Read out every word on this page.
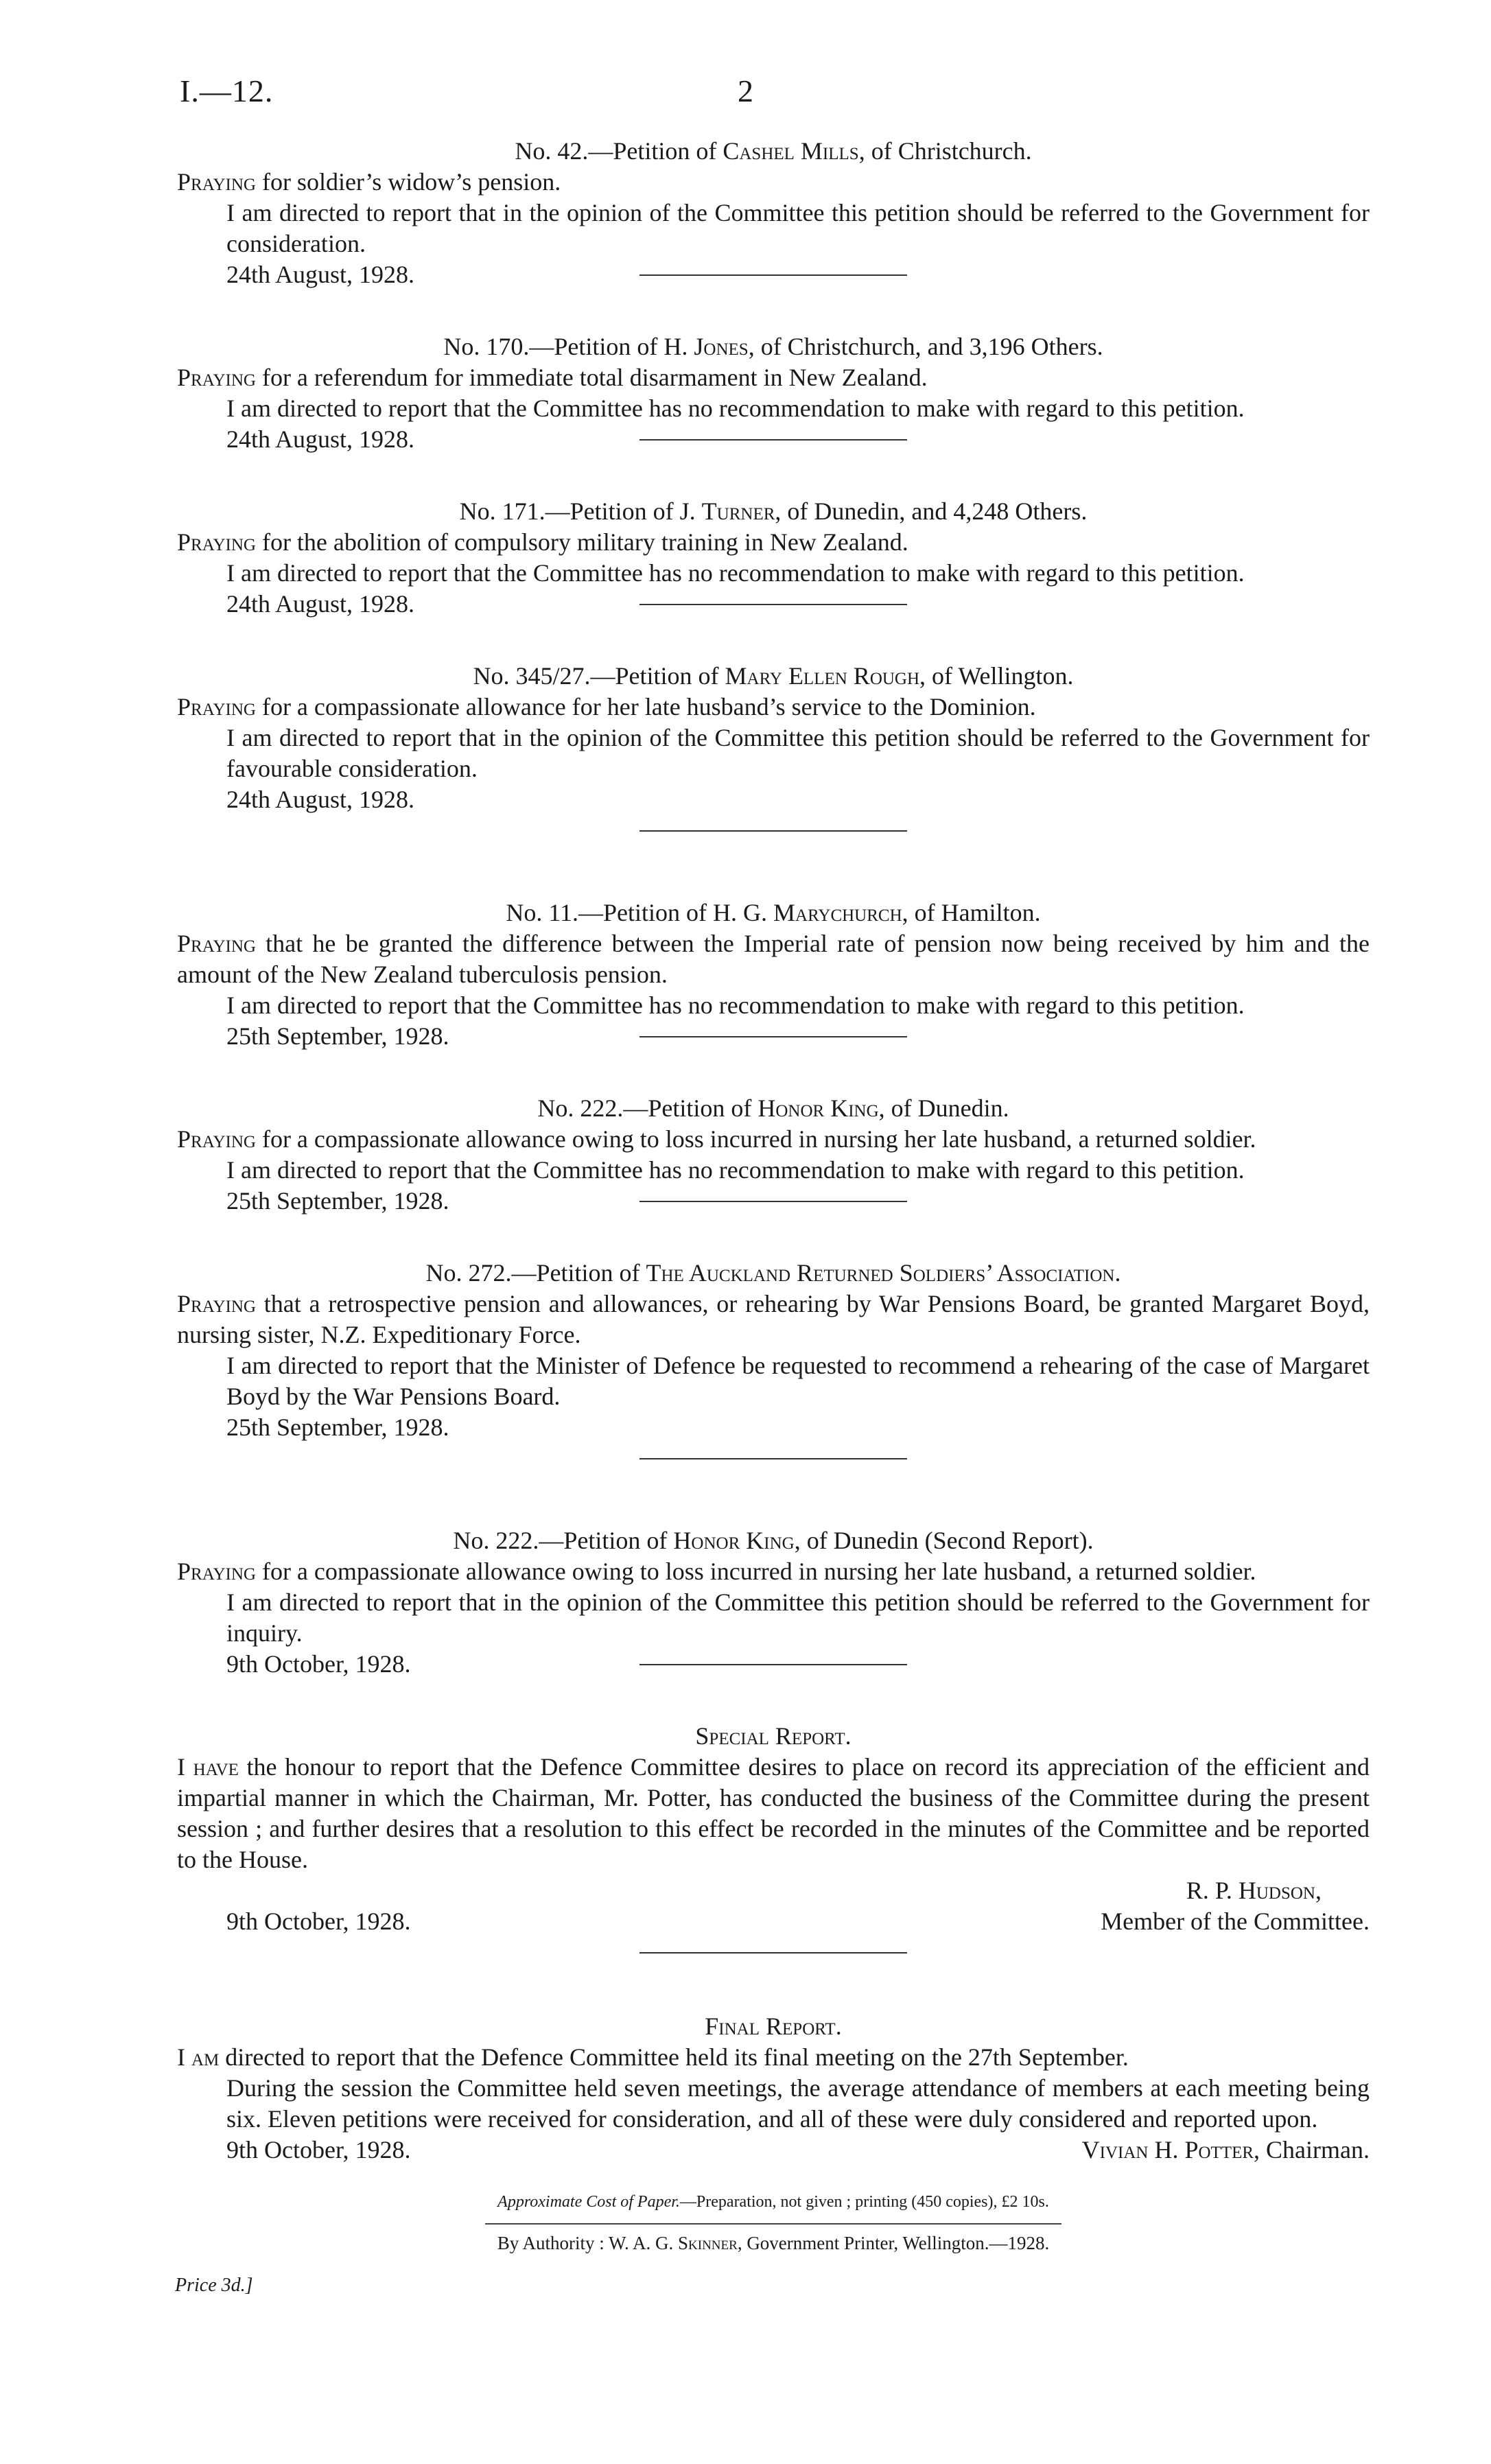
I.—12.	2

No. 42.—Petition of Cashel Mills, of Christchurch.

Praying for soldier’s widow’s pension.

I am directed to report that in the opinion of the Committee this petition should be referred to the Government for consideration.

24th August, 1928.

No. 170.—Petition of H. Jones, of Christchurch, and 3,196 Others.

Praying for a referendum for immediate total disarmament in New Zealand.

I am directed to report that the Committee has no recommendation to make with regard to this petition.

24th August, 1928.

No. 171.—Petition of J. Turner, of Dunedin, and 4,248 Others.

Praying for the abolition of compulsory military training in New Zealand.

I am directed to report that the Committee has no recommendation to make with regard to this petition.

24th August, 1928.

No. 345/27.—Petition of Mary Ellen Rough, of Wellington.

Praying for a compassionate allowance for her late husband’s service to the Dominion.

I am directed to report that in the opinion of the Committee this petition should be referred to the Government for favourable consideration.

24th August, 1928.

No. 11.—Petition of H. G. Marychurch, of Hamilton.

Praying that he be granted the difference between the Imperial rate of pension now being received by him and the amount of the New Zealand tuberculosis pension.

I am directed to report that the Committee has no recommendation to make with regard to this petition.

25th September, 1928.

No. 222.—Petition of Honor King, of Dunedin.

Praying for a compassionate allowance owing to loss incurred in nursing her late husband, a returned soldier.

I am directed to report that the Committee has no recommendation to make with regard to this petition.

25th September, 1928.

No. 272.—Petition of The Auckland Returned Soldiers’ Association.

Praying that a retrospective pension and allowances, or rehearing by War Pensions Board, be granted Margaret Boyd, nursing sister, N.Z. Expeditionary Force.

I am directed to report that the Minister of Defence be requested to recommend a rehearing of the case of Margaret Boyd by the War Pensions Board.

25th September, 1928.

No. 222.—Petition of Honor King, of Dunedin (Second Report).

Praying for a compassionate allowance owing to loss incurred in nursing her late husband, a returned soldier.

I am directed to report that in the opinion of the Committee this petition should be referred to the Government for inquiry.

9th October, 1928.

Special Report.

I have the honour to report that the Defence Committee desires to place on record its appreciation of the efficient and impartial manner in which the Chairman, Mr. Potter, has conducted the business of the Committee during the present session ; and further desires that a resolution to this effect be recorded in the minutes of the Committee and be reported to the House.

R. P. Hudson,

9th October, 1928.	Member of the Committee.

Final Report.

I am directed to report that the Defence Committee held its final meeting on the 27th September.

During the session the Committee held seven meetings, the average attendance of members at each meeting being six. Eleven petitions were received for consideration, and all of these were duly considered and reported upon.

9th October, 1928.	Vivian H. Potter, Chairman.

Approximate Cost of Paper.—Preparation, not given ; printing (450 copies), £2 10s.

By Authority : W. A. G. Skinner, Government Printer, Wellington.—1928.

Price 3d.]
